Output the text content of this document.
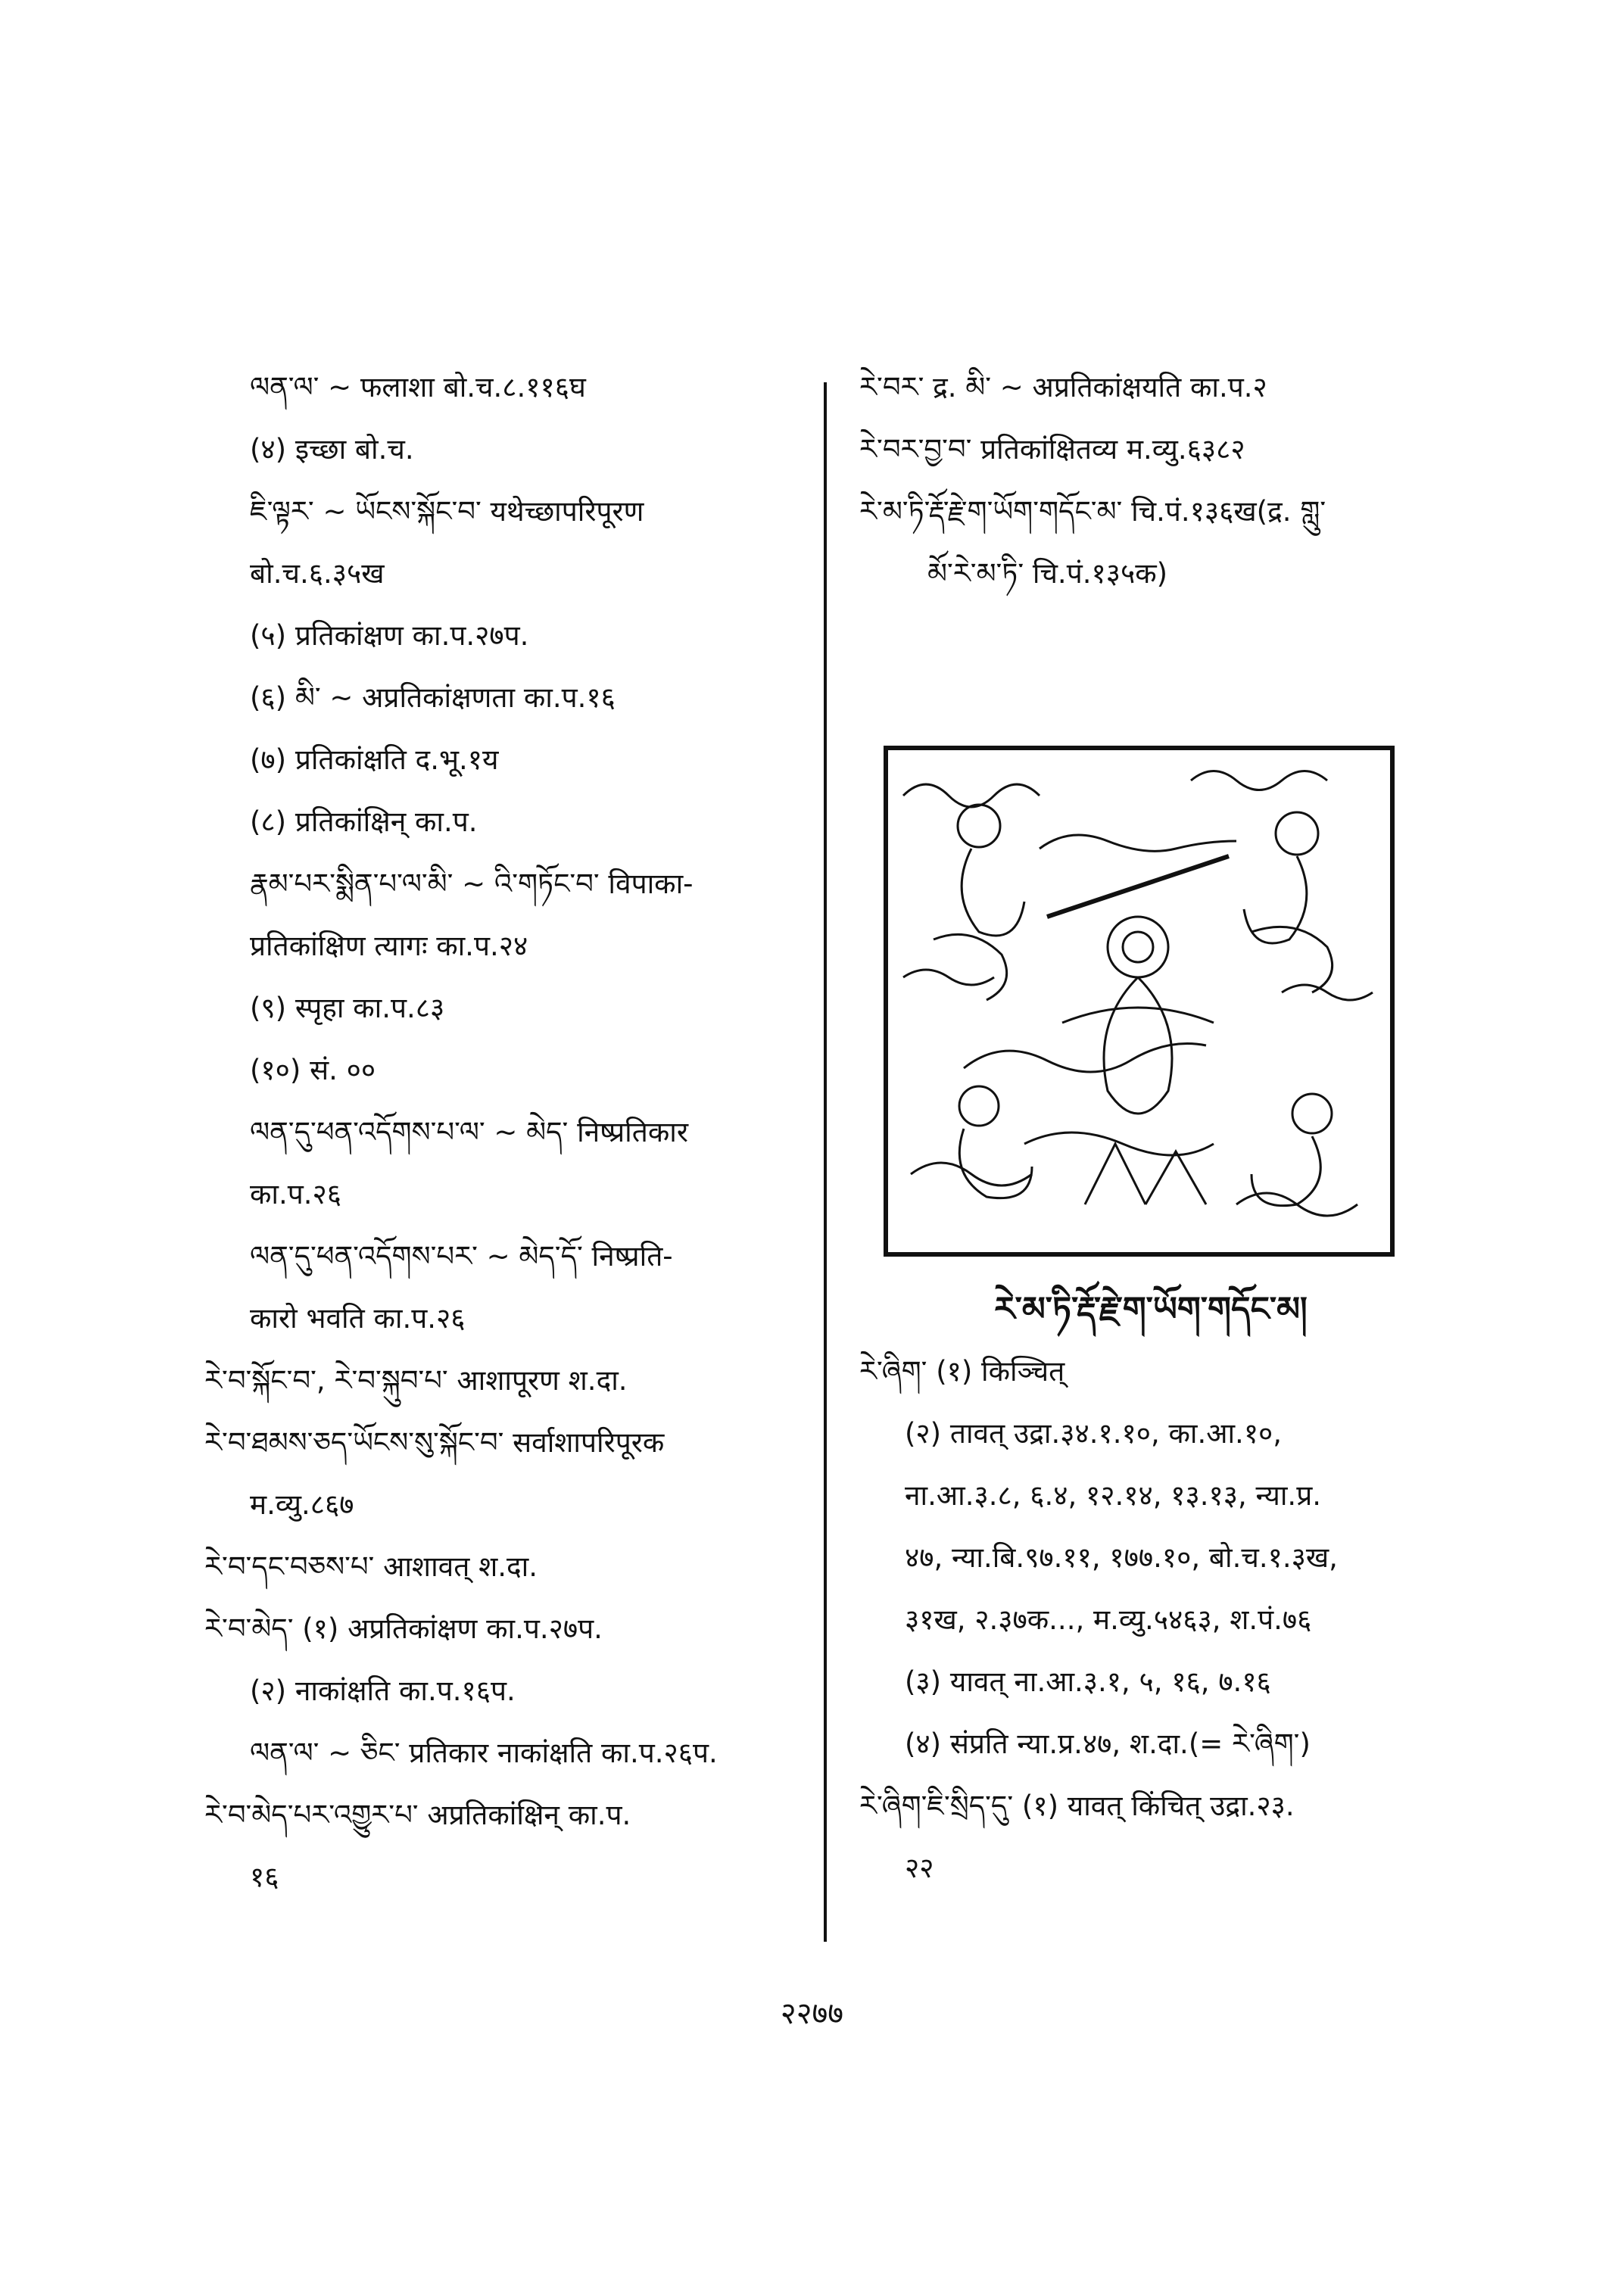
ལན་ལ་ ~ फलाशा बो.च.८.११६घ
(४) इच्छा बो.च.
ཇི་ལྟར་ ~ ཡོངས་སྐོང་བ་ यथेच्छापरिपूरण
बो.च.६.३५ख
(५) प्रतिकांक्षण का.प.२७प.
(६) མི་ ~ अप्रतिकांक्षणता का.प.१६
(७) प्रतिकांक्षति द.भू.१य
(८) प्रतिकांक्षिन् का.प.
རྣམ་པར་སྨིན་པ་ལ་མི་ ~ འི་གཏོང་བ་ विपाका-
प्रतिकांक्षिण त्यागः का.प.२४
(९) स्पृहा का.प.८३
(१०) सं. ००
ལན་དུ་ཕན་འདོགས་པ་ལ་ ~ མེད་ निष्प्रतिकार
का.प.२६
ལན་དུ་ཕན་འདོགས་པར་ ~ མེད་དོ་ निष्प्रति-
कारो भवति का.प.२६
རེ་བ་སྐོང་བ་, རེ་བ་སྐུབ་པ་ आशापूरण श.दा.
རེ་བ་ཐམས་ཅད་ཡོངས་སུ་སྐོང་བ་ सर्वाशापरिपूरक
म.व्यु.८६७
རེ་བ་དང་བཅས་པ་ आशावत् श.दा.
རེ་བ་མེད་ (१) अप्रतिकांक्षण का.प.२७प.
(२) नाकांक्षति का.प.१६प.
ལན་ལ་ ~ ཅིང་ प्रतिकार नाकांक्षति का.प.२६प.
རེ་བ་མེད་པར་འགྱུར་པ་ अप्रतिकांक्षिन् का.प.
१६
རེ་བར་ द्र. མི་ ~ अप्रतिकांक्षयति का.प.२
རེ་བར་བྱ་བ་ प्रतिकांक्षितव्य म.व्यु.६३८२
རེ་མ་ཏི་རྡོ་རྗེ་ག་ཡོག་གདོང་མ་ चि.पं.१३६ख(द्र. གླུ་
མོ་རེ་མ་ཏི་ चि.पं.१३५क)
རེ་མ་ཏི་རྡོ་རྗེ་ག་ཡོག་གདོང་མ།
རེ་ཞིག་ (१) किञ्चित्
(२) तावत् उद्रा.३४.१.१०, का.आ.१०,
ना.आ.३.८, ६.४, १२.१४, १३.१३, न्या.प्र.
४७, न्या.बि.९७.११, १७७.१०, बो.च.१.३ख,
३१ख, २.३७क..., म.व्यु.५४६३, श.पं.७६
(३) यावत् ना.आ.३.१, ५, १६, ७.१६
(४) संप्रति न्या.प्र.४७, श.दा.(= རེ་ཞིག་)
རེ་ཞིག་ཇི་སྲིད་དུ་ (१) यावत् किंचित् उद्रा.२३.
२२
२२७७
